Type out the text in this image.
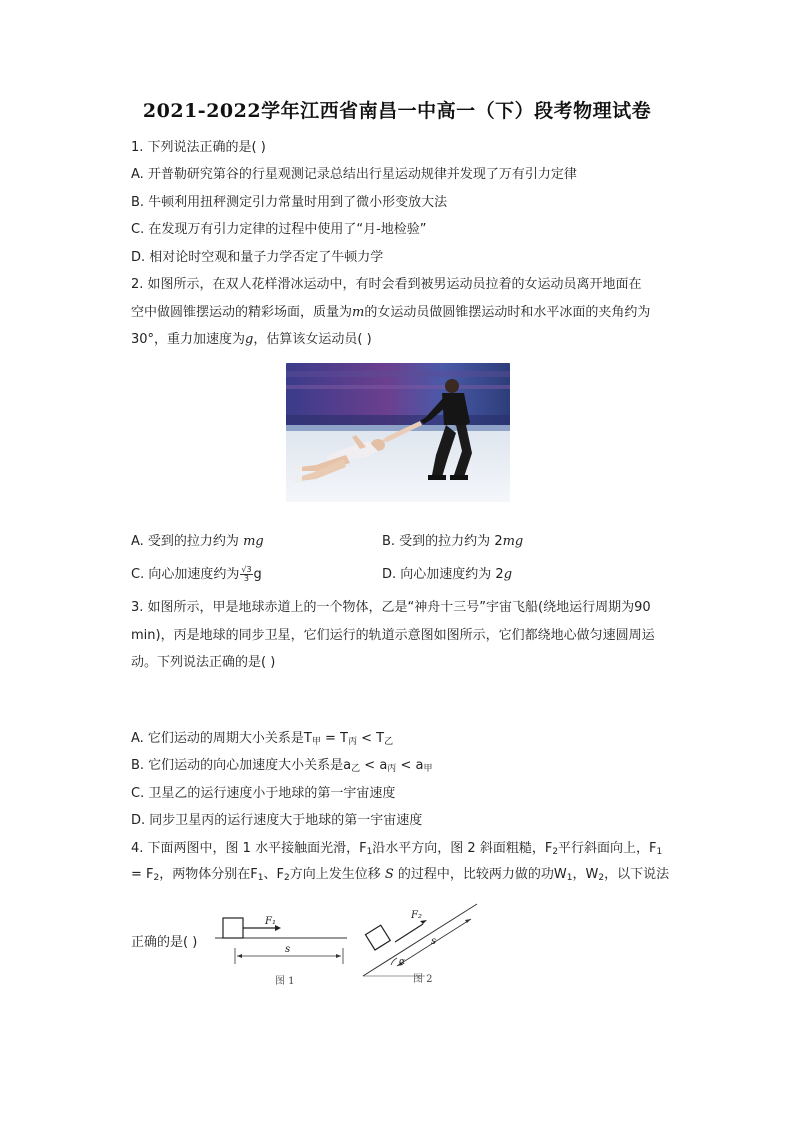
2021-2022学年江西省南昌一中高一（下）段考物理试卷
1. 下列说法正确的是( )
A. 开普勒研究第谷的行星观测记录总结出行星运动规律并发现了万有引力定律
B. 牛顿利用扭秤测定引力常量时用到了微小形变放大法
C. 在发现万有引力定律的过程中使用了“月-地检验”
D. 相对论时空观和量子力学否定了牛顿力学
2. 如图所示，在双人花样滑冰运动中，有时会看到被男运动员拉着的女运动员离开地面在
空中做圆锥摆运动的精彩场面，质量为m的女运动员做圆锥摆运动时和水平冰面的夹角约为
30°，重力加速度为g，估算该女运动员( )
A. 受到的拉力约为 mg	B. 受到的拉力约为 2mg
C. 向心加速度约为 $\frac{√3}{3}$ g	D. 向心加速度约为 2g
3. 如图所示，甲是地球赤道上的一个物体，乙是“神舟十三号”宇宙飞船(绕地运行周期为90
min)，丙是地球的同步卫星，它们运行的轨道示意图如图所示，它们都绕地心做匀速圆周运
动。下列说法正确的是( )
A. 它们运动的周期大小关系是$T_甲 = T_丙 < T_乙$
B. 它们运动的向心加速度大小关系是$a_乙 < a_丙 < a_甲$
C. 卫星乙的运行速度小于地球的第一宇宙速度
D. 同步卫星丙的运行速度大于地球的第一宇宙速度
4. 下面两图中，图 1 水平接触面光滑，$F_1$沿水平方向，图 2 斜面粗糙，$F_2$平行斜面向上，$F_1$
= $F_2$，两物体分别在$F_1$、$F_2$方向上发生位移 S 的过程中，比较两力做的功$W_1$，$W_2$，以下说法
正确的是( )
F₁
s
图 1
F₂
s
α
图 2
